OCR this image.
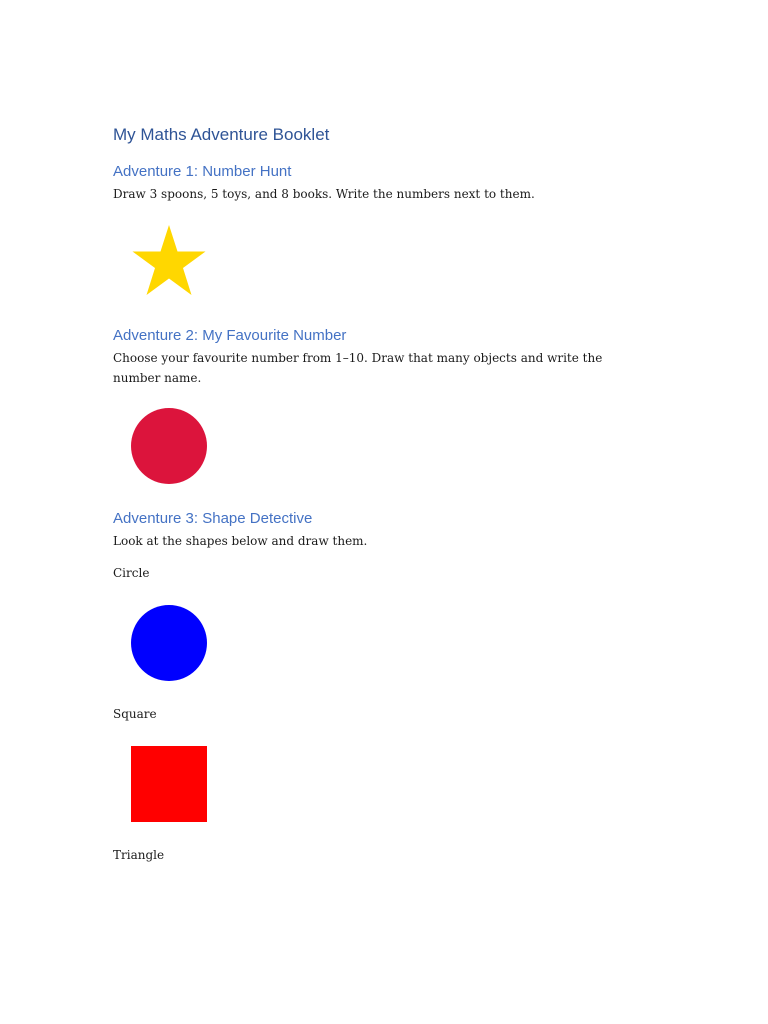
My Maths Adventure Booklet
Adventure 1: Number Hunt

Draw 3 spoons, 5 toys, and 8 books. Write the numbers next to them.

Adventure 2: My Favourite Number

Choose your favourite number from 1–10. Draw that many objects and write the number name.

Adventure 3: Shape Detective

Look at the shapes below and draw them.

Circle

Square

Triangle
